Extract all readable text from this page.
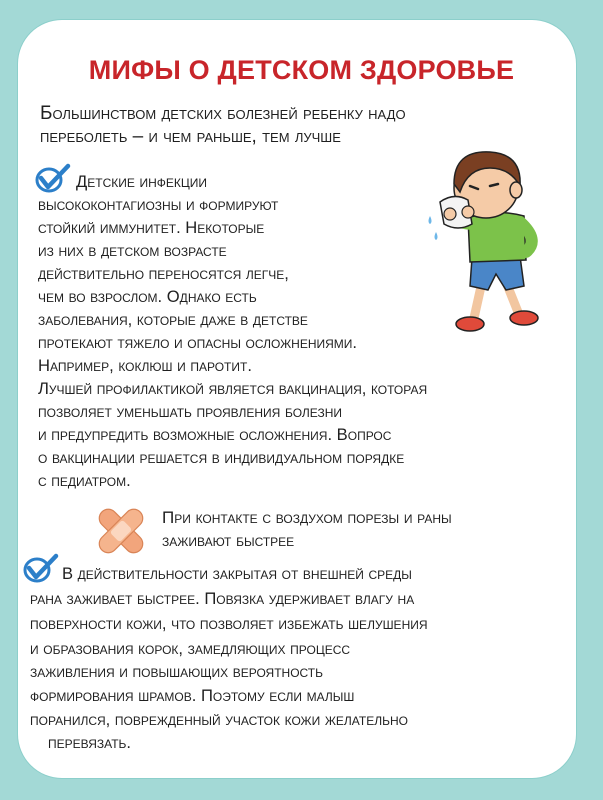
МИФЫ О ДЕТСКОМ ЗДОРОВЬЕ

Большинством детских болезней ребенку надо

переболеть – и чем раньше, тем лучше

Детские инфекции

высококонтагиозны и формируют

стойкий иммунитет. Некоторые

из них в детском возрасте

действительно переносятся легче,

чем во взрослом. Однако есть

заболевания, которые даже в детстве

протекают тяжело и опасны осложнениями.

Например, коклюш и паротит.

Лучшей профилактикой является вакцинация, которая

позволяет уменьшать проявления болезни

и предупредить возможные осложнения. Вопрос

о вакцинации решается в индивидуальном порядке

с педиатром.

При контакте с воздухом порезы и раны

заживают быстрее

В действительности закрытая от внешней среды

рана заживает быстрее. Повязка удерживает влагу на

поверхности кожи, что позволяет избежать шелушения

и образования корок, замедляющих процесс

заживления и повышающих вероятность

формирования шрамов. Поэтому если малыш

поранился, поврежденный участок кожи желательно

перевязать.
